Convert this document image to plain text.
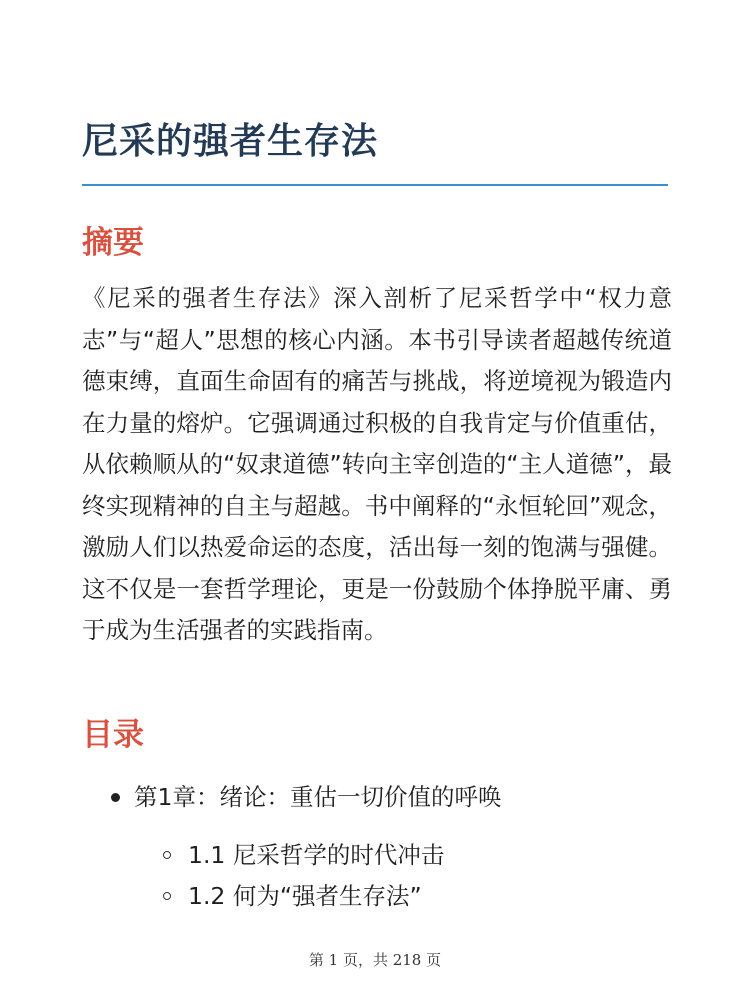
尼采的强者生存法
摘要

《尼采的强者生存法》深入剖析了尼采哲学中“权力意志”与“超人”思想的核心内涵。本书引导读者超越传统道德束缚，直面生命固有的痛苦与挑战，将逆境视为锻造内在力量的熔炉。它强调通过积极的自我肯定与价值重估，从依赖顺从的“奴隶道德”转向主宰创造的“主人道德”，最终实现精神的自主与超越。书中阐释的“永恒轮回”观念，激励人们以热爱命运的态度，活出每一刻的饱满与强健。这不仅是一套哲学理论，更是一份鼓励个体挣脱平庸、勇于成为生活强者的实践指南。

目录
第1章：绪论：重估一切价值的呼唤
1.1 尼采哲学的时代冲击
1.2 何为“强者生存法”
第 1 页，共 218 页
